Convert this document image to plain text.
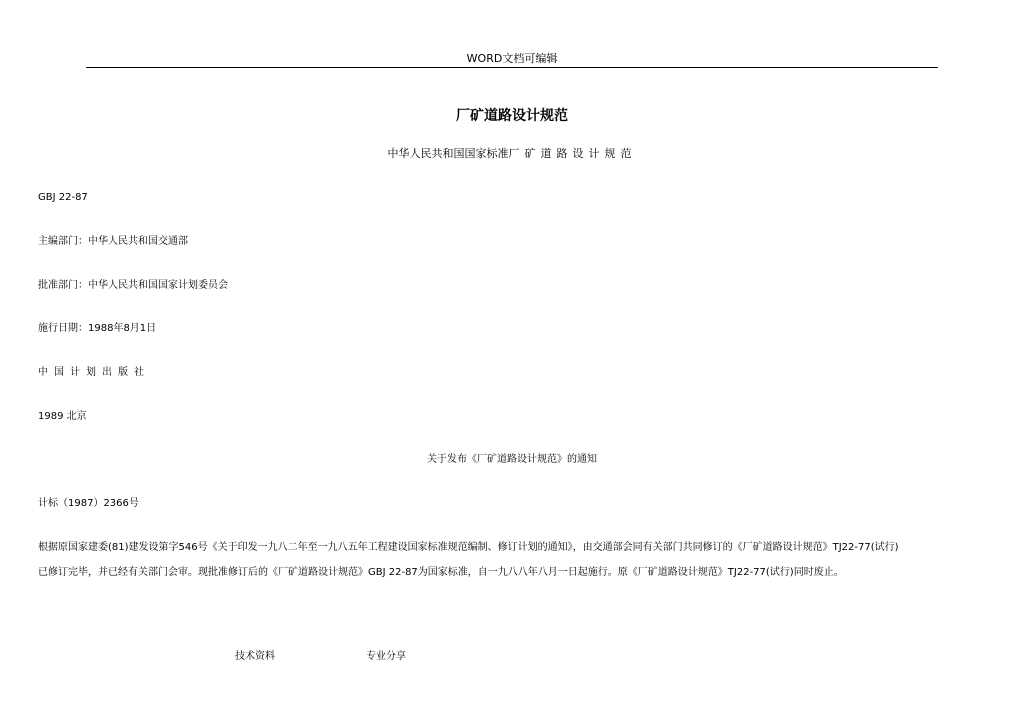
WORD文档可编辑
厂矿道路设计规范
中华人民共和国国家标准厂矿道路设计规范
GBJ 22-87
主编部门：中华人民共和国交通部
批准部门：中华人民共和国国家计划委员会
施行日期：1988年8月1日
中国计划出版社
1989 北京
关于发布《厂矿道路设计规范》的通知
计标（1987）2366号
根据原国家建委(81)建发设第字546号《关于印发一九八二年至一九八五年工程建设国家标准规范编制、修订计划的通知》，由交通部会同有关部门共同修订的《厂矿道路设计规范》TJ22-77(试行)
已修订完毕，并已经有关部门会审。现批准修订后的《厂矿道路设计规范》GBJ 22-87为国家标准，自一九八八年八月一日起施行。原《厂矿道路设计规范》TJ22-77(试行)同时废止。
技术资料	专业分享
